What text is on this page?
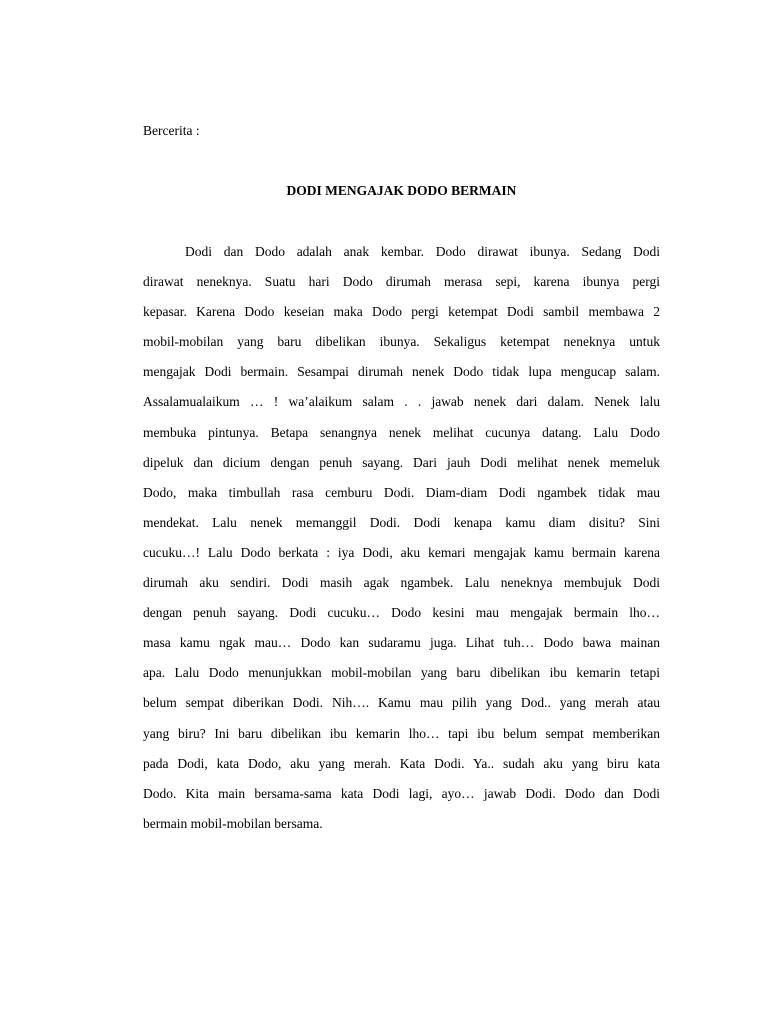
Bercerita :
DODI MENGAJAK DODO BERMAIN
Dodi dan Dodo adalah anak kembar. Dodo dirawat ibunya. Sedang Dodi
dirawat neneknya. Suatu hari Dodo dirumah merasa sepi, karena ibunya pergi
kepasar. Karena Dodo keseian maka Dodo pergi ketempat Dodi sambil membawa 2
mobil-mobilan yang baru dibelikan ibunya. Sekaligus ketempat neneknya untuk
mengajak Dodi bermain. Sesampai dirumah nenek Dodo tidak lupa mengucap salam.
Assalamualaikum … ! wa’alaikum salam . . jawab nenek dari dalam. Nenek lalu
membuka pintunya. Betapa senangnya nenek melihat cucunya datang. Lalu Dodo
dipeluk dan dicium dengan penuh sayang. Dari jauh Dodi melihat nenek memeluk
Dodo, maka timbullah rasa cemburu Dodi. Diam-diam Dodi ngambek tidak mau
mendekat. Lalu nenek memanggil Dodi. Dodi kenapa kamu diam disitu? Sini
cucuku…! Lalu Dodo berkata : iya Dodi, aku kemari mengajak kamu bermain karena
dirumah aku sendiri. Dodi masih agak ngambek. Lalu neneknya membujuk Dodi
dengan penuh sayang. Dodi cucuku… Dodo kesini mau mengajak bermain lho…
masa kamu ngak mau… Dodo kan sudaramu juga. Lihat tuh… Dodo bawa mainan
apa. Lalu Dodo menunjukkan mobil-mobilan yang baru dibelikan ibu kemarin tetapi
belum sempat diberikan Dodi. Nih…. Kamu mau pilih yang Dod.. yang merah atau
yang biru? Ini baru dibelikan ibu kemarin lho… tapi ibu belum sempat memberikan
pada Dodi, kata Dodo, aku yang merah. Kata Dodi. Ya.. sudah aku yang biru kata
Dodo. Kita main bersama-sama kata Dodi lagi, ayo… jawab Dodi. Dodo dan Dodi
bermain mobil-mobilan bersama.
